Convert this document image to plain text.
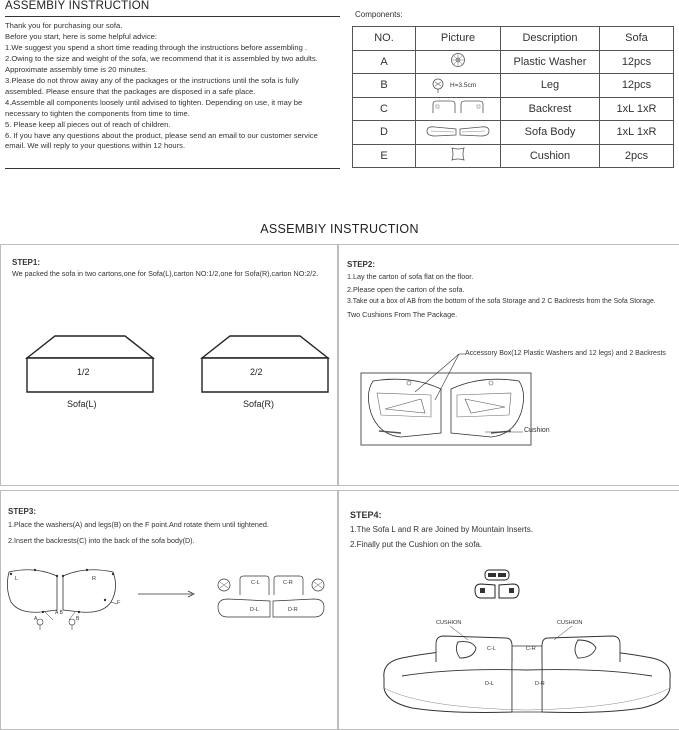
ASSEMBIY INSTRUCTION
Thank you for purchasing our sofa.
Before you start, here is some helpful advice:
1.We suggest you spend a short time reading through the instructions before assembling .
2.Owing to the size and weight of the sofa, we recommend that it is assembled by two adults.
Approximate assembly time is 20 minutes.
3.Please do not throw away any of the packages or the instructions until the sofa is fully
assembled. Please ensure that the packages are disposed in a safe place.
4.Assemble all components loosely until advised to tighten. Depending on use, it may be
necessary to tighten the components from time to time.
5. Please keep all pieces out of reach of children.
6. If you have any questions about the product, please send an email to our customer service
email. We will reply to your questions within 12 hours.
Components:
NO.	Picture	Description	Sofa
A		Plastic Washer	12pcs
B	H=3.5cm	Leg	12pcs
C		Backrest	1xL 1xR
D		Sofa Body	1xL 1xR
E		Cushion	2pcs
ASSEMBIY INSTRUCTION
STEP1:
We packed the sofa in two cartons,one for Sofa(L),carton NO:1/2,one for Sofa(R),carton NO:2/2.
1/2	2/2
Sofa(L)	Sofa(R)
STEP2:
1.Lay the carton of sofa flat on the floor.
2.Please open the carton of the sofa.
3.Take out a box of AB from the bottom of the sofa Storage and 2 C Backrests from the Sofa Storage.
Two Cushions From The Package.
Accessory Box(12 Plastic Washers and 12 legs) and 2 Backrests
Cushion
STEP3:
1.Place the washers(A) and legs(B) on the F point.And rotate them until tightened.
2.Insert the backrests(C) into the back of the sofa body(D).
L	R
F
A B
A	B
C-L	C-R
D-L	D-R
STEP4:
1.The Sofa L and R are Joined by Mountain Inserts.
2.Finally put the Cushion on the sofa.
CUSHION	CUSHION
C-L	C-R
D-L	D-R
